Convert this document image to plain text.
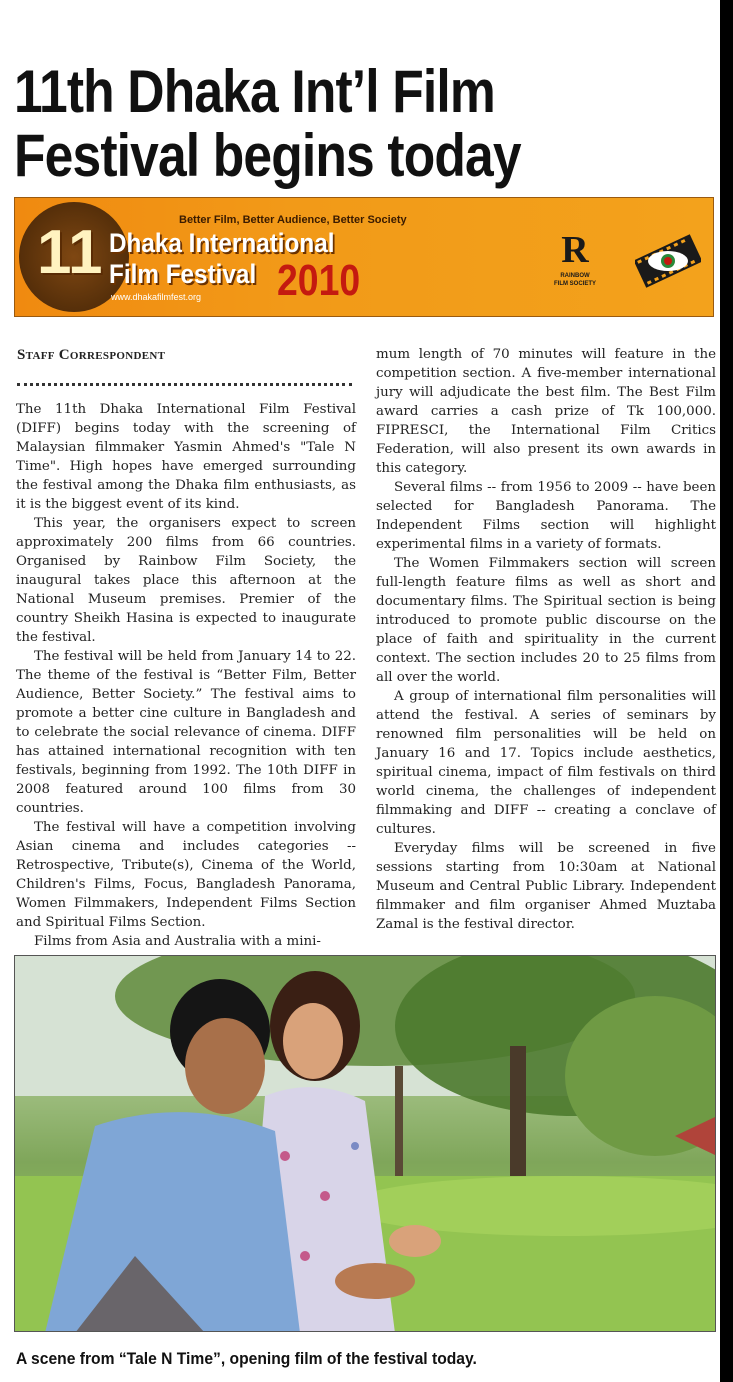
11th Dhaka Int’l Film
Festival begins today
11	Better Film, Better Audience, Better Society
Dhaka International
Film Festival 2010
www.dhakafilmfest.org
R
RAINBOW
FILM SOCIETY
Staff Correspondent

The 11th Dhaka International Film Festival (DIFF) begins today with the screening of Malaysian filmmaker Yasmin Ahmed's "Tale N Time". High hopes have emerged surrounding the festival among the Dhaka film enthusiasts, as it is the biggest event of its kind.

This year, the organisers expect to screen approximately 200 films from 66 countries. Organised by Rainbow Film Society, the inaugural takes place this afternoon at the National Museum premises. Premier of the country Sheikh Hasina is expected to inaugurate the festival.

The festival will be held from January 14 to 22. The theme of the festival is “Better Film, Better Audience, Better Society.” The festival aims to promote a better cine culture in Bangladesh and to celebrate the social relevance of cinema. DIFF has attained international recognition with ten festivals, beginning from 1992. The 10th DIFF in 2008 featured around 100 films from 30 countries.

The festival will have a competition involving Asian cinema and includes categories -- Retrospective, Tribute(s), Cinema of the World, Children's Films, Focus, Bangladesh Panorama, Women Filmmakers, Independent Films Section and Spiritual Films Section.

Films from Asia and Australia with a mini-

mum length of 70 minutes will feature in the competition section. A five-member international jury will adjudicate the best film. The Best Film award carries a cash prize of Tk 100,000. FIPRESCI, the International Film Critics Federation, will also present its own awards in this category.

Several films -- from 1956 to 2009 -- have been selected for Bangladesh Panorama. The Independent Films section will highlight experimental films in a variety of formats.

The Women Filmmakers section will screen full-length feature films as well as short and documentary films. The Spiritual section is being introduced to promote public discourse on the place of faith and spirituality in the current context. The section includes 20 to 25 films from all over the world.

A group of international film personalities will attend the festival. A series of seminars by renowned film personalities will be held on January 16 and 17. Topics include aesthetics, spiritual cinema, impact of film festivals on third world cinema, the challenges of independent filmmaking and DIFF -- creating a conclave of cultures.

Everyday films will be screened in five sessions starting from 10:30am at National Museum and Central Public Library. Independent filmmaker and film organiser Ahmed Muztaba Zamal is the festival director.

A scene from “Tale N Time”, opening film of the festival today.
